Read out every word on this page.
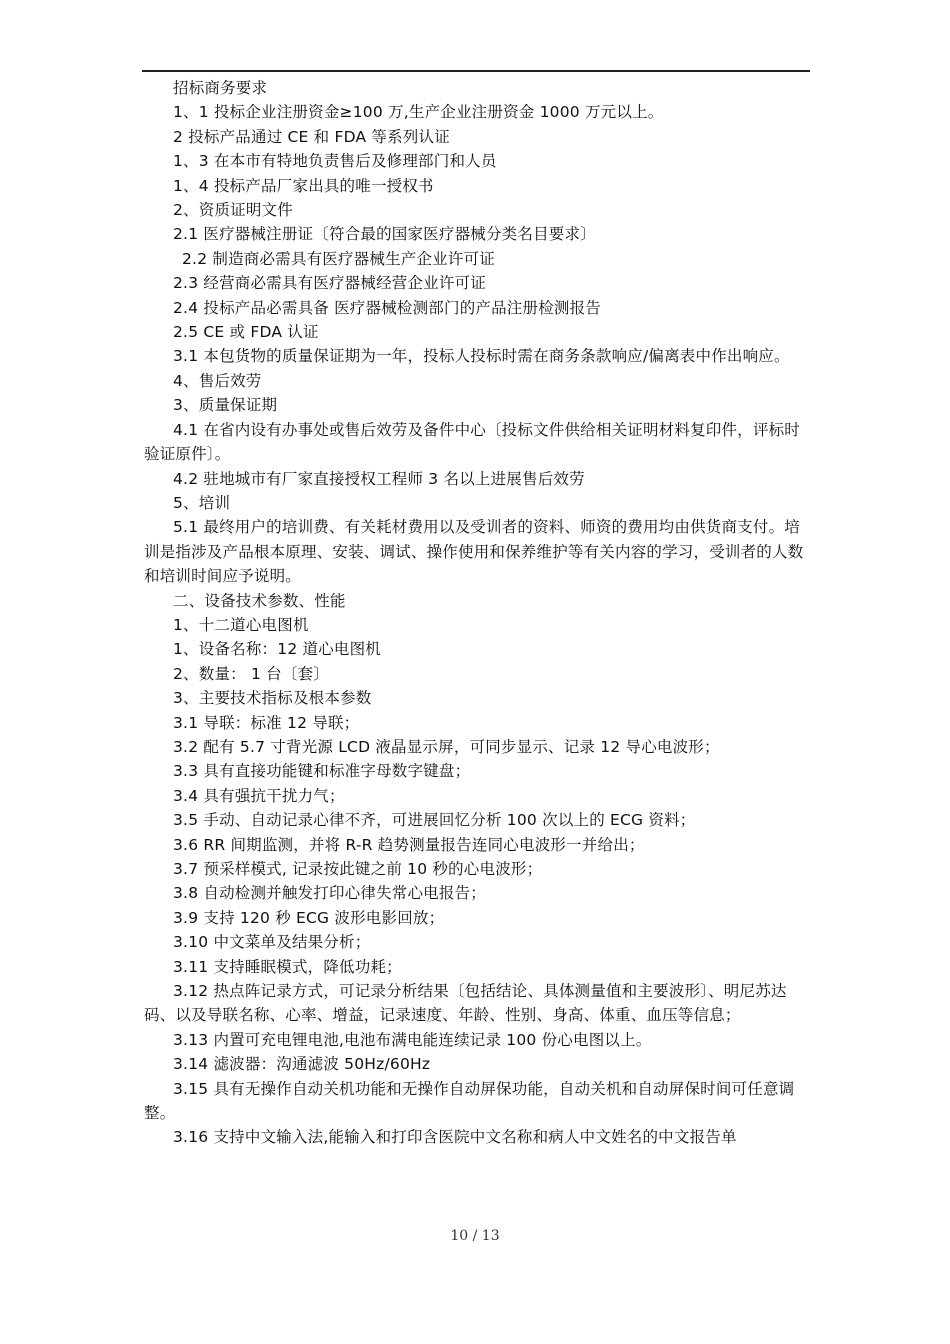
招标商务要求

1、1 投标企业注册资金≥100 万,生产企业注册资金 1000 万元以上。

2 投标产品通过 CE 和 FDA 等系列认证

1、3 在本市有特地负责售后及修理部门和人员

1、4 投标产品厂家出具的唯一授权书

2、资质证明文件

2.1 医疗器械注册证〔符合最的国家医疗器械分类名目要求〕

2.2 制造商必需具有医疗器械生产企业许可证

2.3 经营商必需具有医疗器械经营企业许可证

2.4 投标产品必需具备 医疗器械检测部门的产品注册检测报告

2.5 CE 或 FDA 认证

3.1 本包货物的质量保证期为一年，投标人投标时需在商务条款响应/偏离表中作出响应。

4、售后效劳

3、质量保证期

4.1 在省内设有办事处或售后效劳及备件中心〔投标文件供给相关证明材料复印件，评标时验证原件〕。

4.2 驻地城市有厂家直接授权工程师 3 名以上进展售后效劳

5、培训

5.1 最终用户的培训费、有关耗材费用以及受训者的资料、师资的费用均由供货商支付。培训是指涉及产品根本原理、安装、调试、操作使用和保养维护等有关内容的学习，受训者的人数和培训时间应予说明。

二、设备技术参数、性能

1、十二道心电图机

1、设备名称：12 道心电图机

2、数量： 1 台〔套〕

3、主要技术指标及根本参数

3.1 导联：标准 12 导联；

3.2 配有 5.7 寸背光源 LCD 液晶显示屏，可同步显示、记录 12 导心电波形；

3.3 具有直接功能键和标准字母数字键盘；

3.4 具有强抗干扰力气；

3.5 手动、自动记录心律不齐，可进展回忆分析 100 次以上的 ECG 资料；

3.6 RR 间期监测，并将 R-R 趋势测量报告连同心电波形一并给出；

3.7 预采样模式, 记录按此键之前 10 秒的心电波形；

3.8 自动检测并触发打印心律失常心电报告；

3.9 支持 120 秒 ECG 波形电影回放；

3.10 中文菜单及结果分析；

3.11 支持睡眠模式，降低功耗；

3.12 热点阵记录方式，可记录分析结果〔包括结论、具体测量值和主要波形〕、明尼苏达码、以及导联名称、心率、增益，记录速度、年龄、性别、身高、体重、血压等信息；

3.13 内置可充电锂电池,电池布满电能连续记录 100 份心电图以上。

3.14 滤波器：沟通滤波 50Hz/60Hz

3.15 具有无操作自动关机功能和无操作自动屏保功能，自动关机和自动屏保时间可任意调整。

3.16 支持中文输入法,能输入和打印含医院中文名称和病人中文姓名的中文报告单

10 / 13
